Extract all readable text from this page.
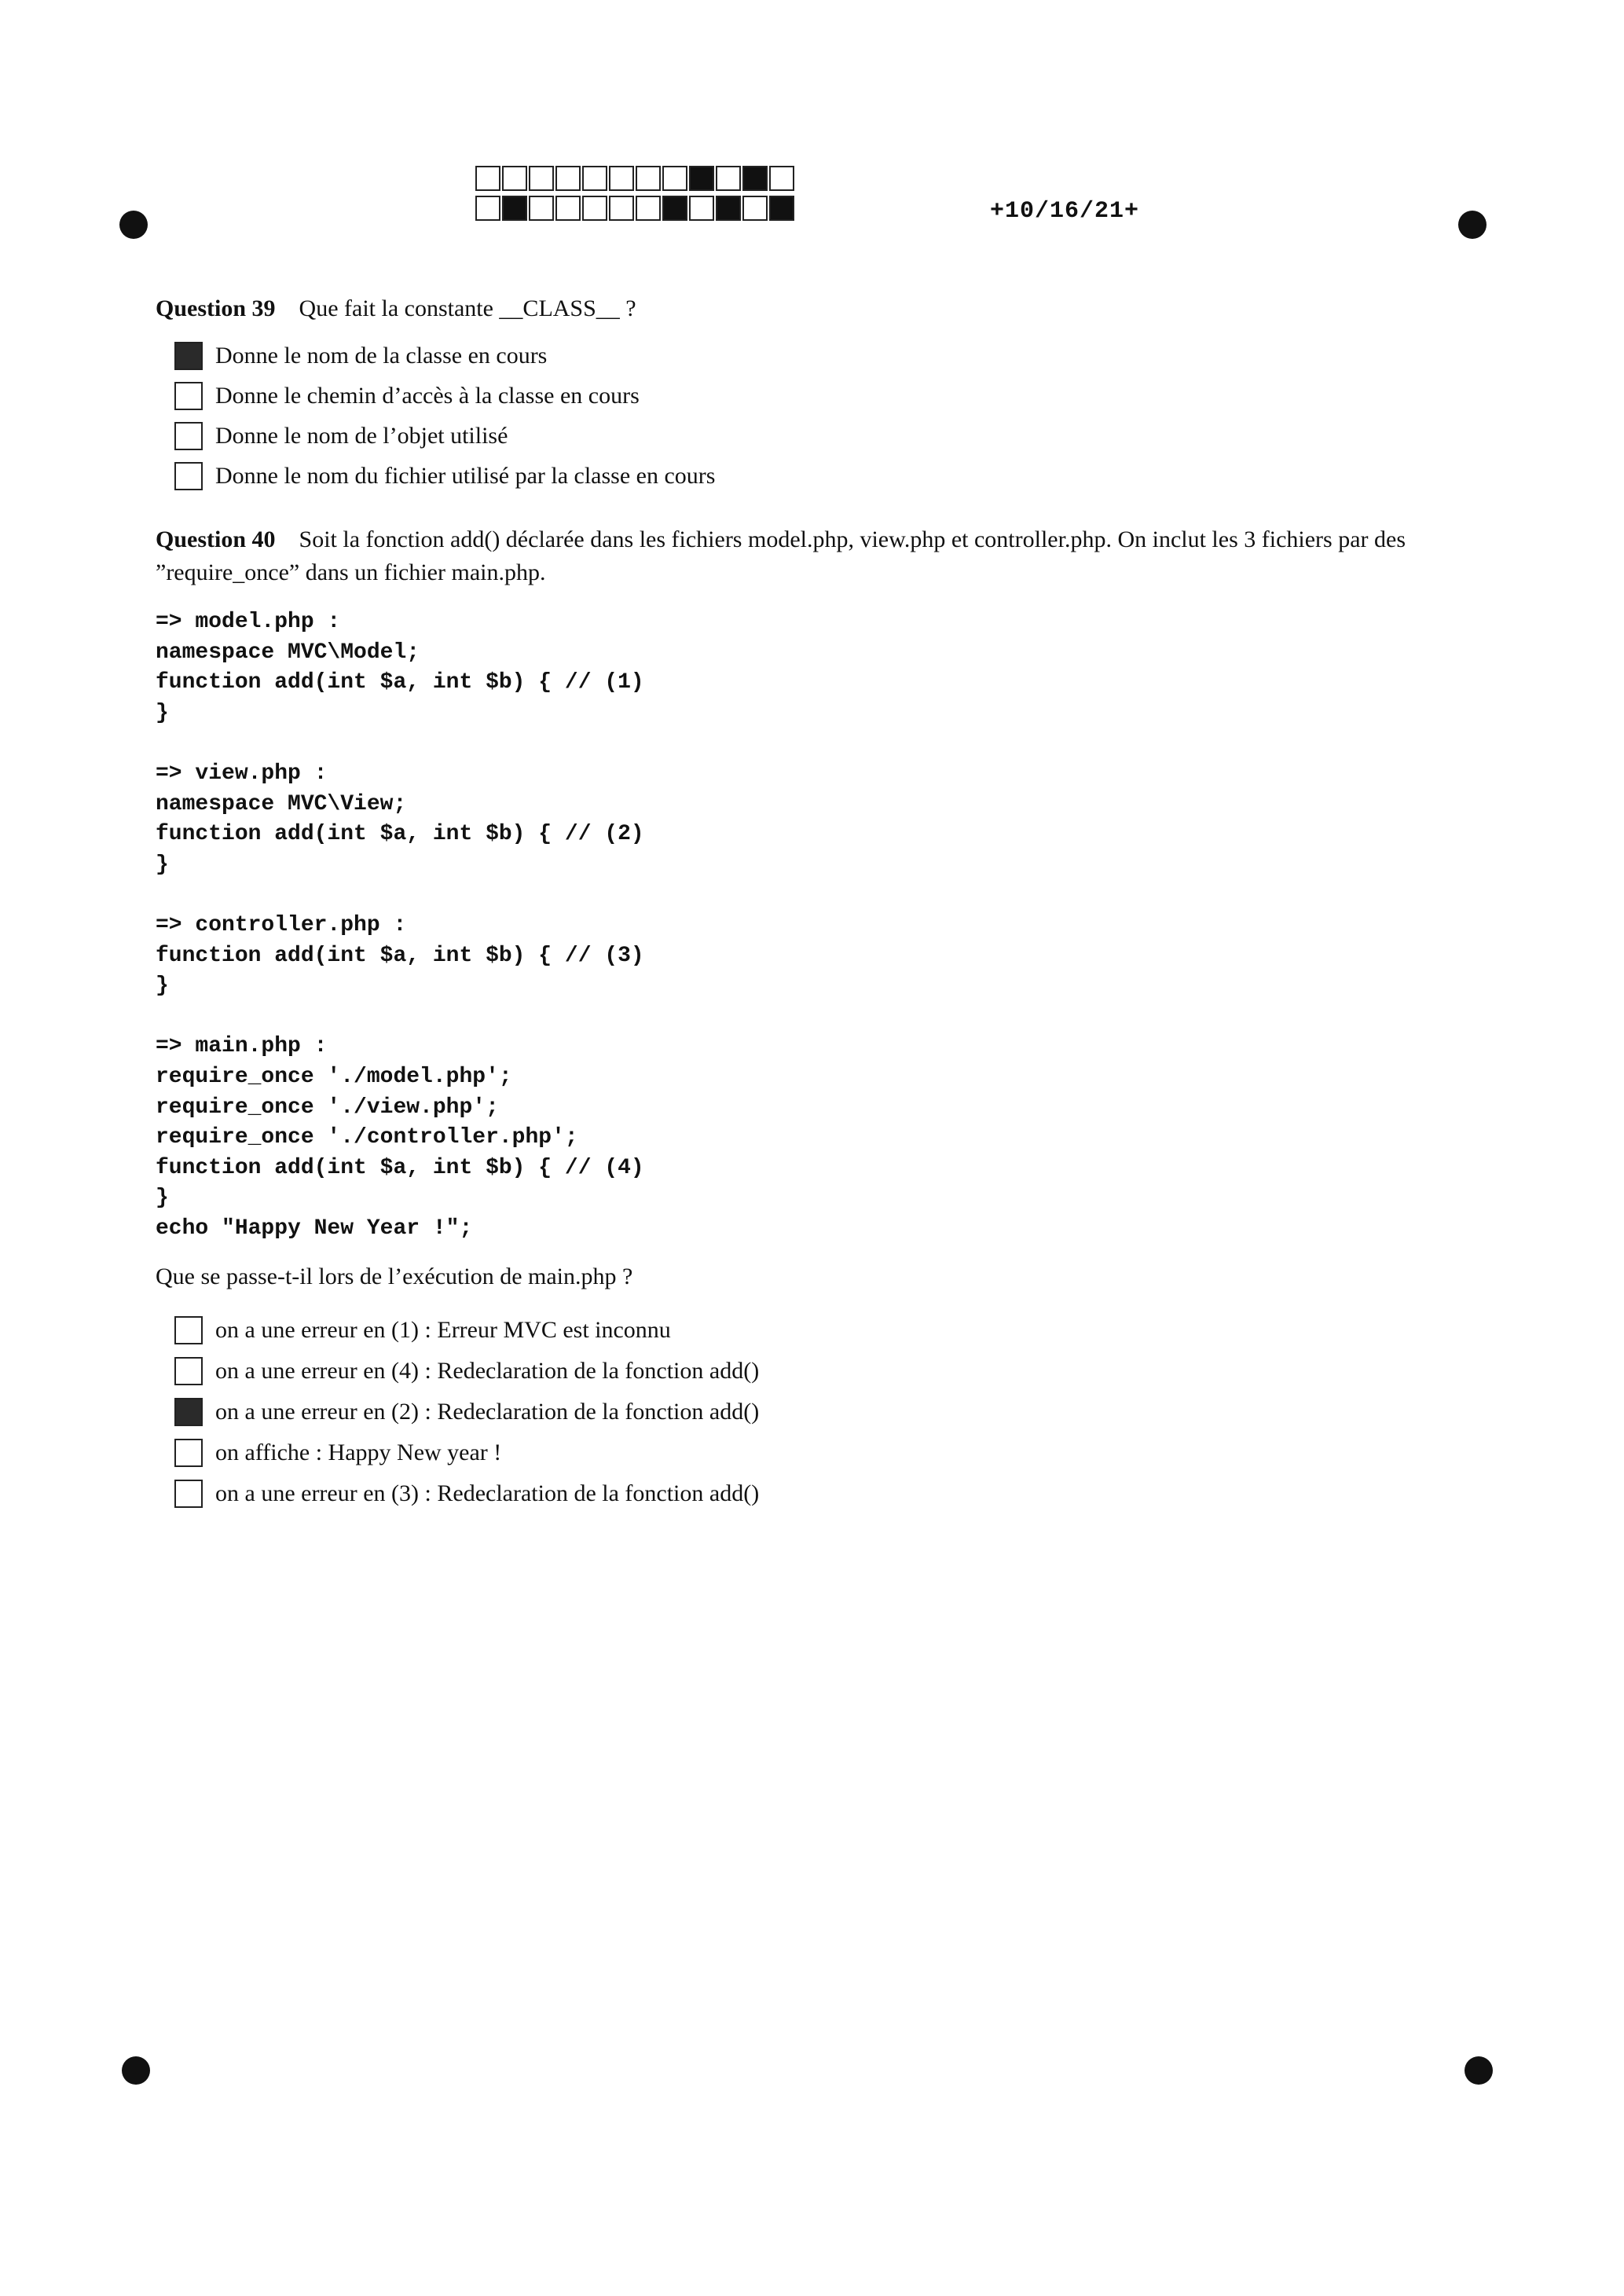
+10/16/21+
Question 39 Que fait la constante __CLASS__ ?
Donne le nom de la classe en cours
Donne le chemin d’accès à la classe en cours
Donne le nom de l’objet utilisé
Donne le nom du fichier utilisé par la classe en cours
Question 40 Soit la fonction add() déclarée dans les fichiers model.php, view.php et controller.php. On inclut les 3 fichiers par des ”require_once” dans un fichier main.php.
=> model.php :
namespace MVC\Model;
function add(int $a, int $b) { // (1)
}

=> view.php :
namespace MVC\View;
function add(int $a, int $b) { // (2)
}

=> controller.php :
function add(int $a, int $b) { // (3)
}

=> main.php :
require_once './model.php';
require_once './view.php';
require_once './controller.php';
function add(int $a, int $b) { // (4)
}
echo "Happy New Year !";
Que se passe-t-il lors de l’exécution de main.php ?
on a une erreur en (1) : Erreur MVC est inconnu
on a une erreur en (4) : Redeclaration de la fonction add()
on a une erreur en (2) : Redeclaration de la fonction add()
on affiche : Happy New year !
on a une erreur en (3) : Redeclaration de la fonction add()
